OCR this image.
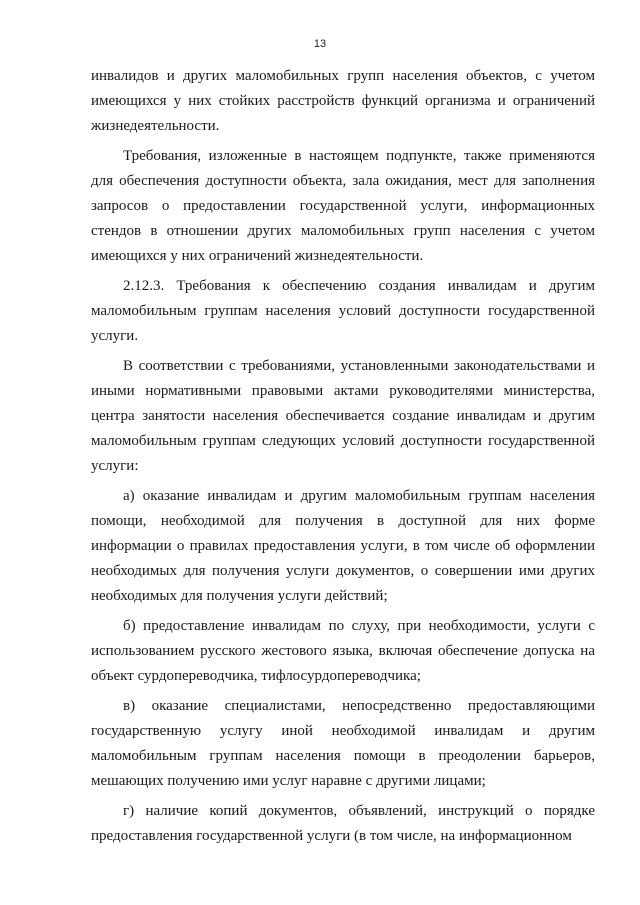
13

инвалидов и других маломобильных групп населения объектов, с учетом имеющихся у них стойких расстройств функций организма и ограничений жизнедеятельности.

Требования, изложенные в настоящем подпункте, также применяются для обеспечения доступности объекта, зала ожидания, мест для заполнения запросов о предоставлении государственной услуги, информационных стендов в отношении других маломобильных групп населения с учетом имеющихся у них ограничений жизнедеятельности.

2.12.3. Требования к обеспечению создания инвалидам и другим маломобильным группам населения условий доступности государственной услуги.

В соответствии с требованиями, установленными законодательствами и иными нормативными правовыми актами руководителями министерства, центра занятости населения обеспечивается создание инвалидам и другим маломобильным группам следующих условий доступности государственной услуги:

а) оказание инвалидам и другим маломобильным группам населения помощи, необходимой для получения в доступной для них форме информации о правилах предоставления услуги, в том числе об оформлении необходимых для получения услуги документов, о совершении ими других необходимых для получения услуги действий;

б) предоставление инвалидам по слуху, при необходимости, услуги с использованием русского жестового языка, включая обеспечение допуска на объект сурдопереводчика, тифлосурдопереводчика;

в) оказание специалистами, непосредственно предоставляющими государственную услугу иной необходимой инвалидам и другим маломобильным группам населения помощи в преодолении барьеров, мешающих получению ими услуг наравне с другими лицами;

г) наличие копий документов, объявлений, инструкций о порядке предоставления государственной услуги (в том числе, на информационном
